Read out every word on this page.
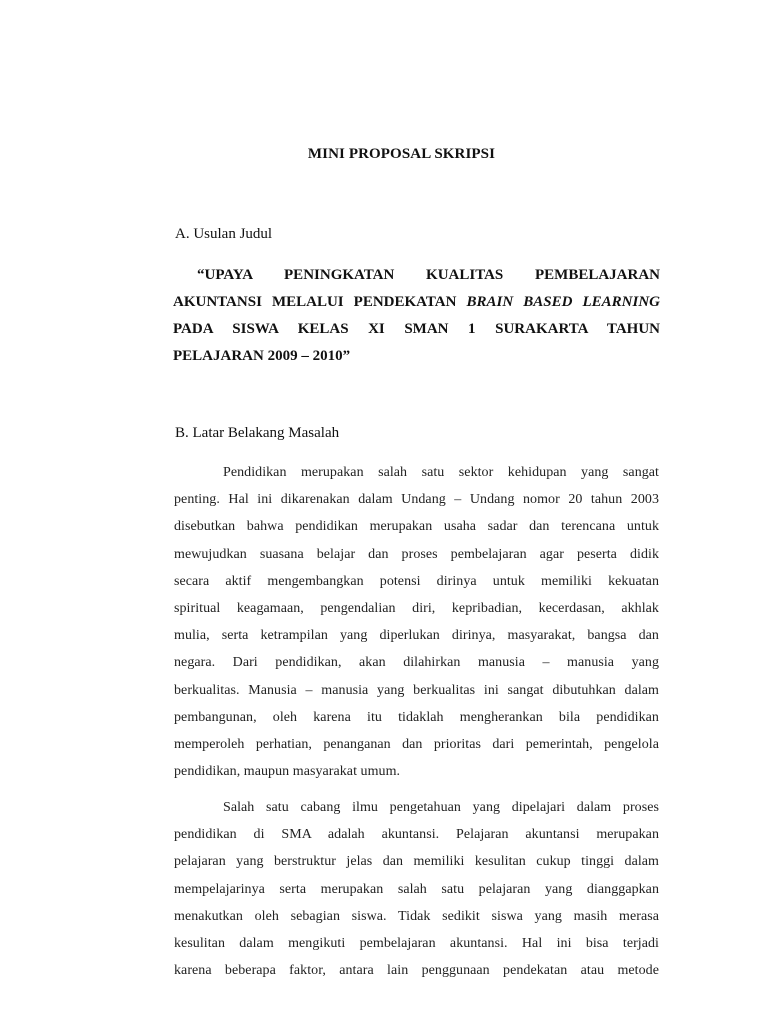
MINI PROPOSAL SKRIPSI
A. Usulan Judul
“UPAYA PENINGKATAN KUALITAS PEMBELAJARAN
AKUNTANSI MELALUI PENDEKATAN BRAIN BASED LEARNING
PADA SISWA KELAS XI SMAN 1 SURAKARTA TAHUN
PELAJARAN 2009 – 2010”
B. Latar Belakang Masalah
Pendidikan merupakan salah satu sektor kehidupan yang sangat
penting. Hal ini dikarenakan dalam Undang – Undang nomor 20 tahun 2003
disebutkan bahwa pendidikan merupakan usaha sadar dan terencana untuk
mewujudkan suasana belajar dan proses pembelajaran agar peserta didik
secara aktif mengembangkan potensi dirinya untuk memiliki kekuatan
spiritual keagamaan, pengendalian diri, kepribadian, kecerdasan, akhlak
mulia, serta ketrampilan yang diperlukan dirinya, masyarakat, bangsa dan
negara. Dari pendidikan, akan dilahirkan manusia – manusia yang
berkualitas. Manusia – manusia yang berkualitas ini sangat dibutuhkan dalam
pembangunan, oleh karena itu tidaklah mengherankan bila pendidikan
memperoleh perhatian, penanganan dan prioritas dari pemerintah, pengelola
pendidikan, maupun masyarakat umum.
Salah satu cabang ilmu pengetahuan yang dipelajari dalam proses
pendidikan di SMA adalah akuntansi. Pelajaran akuntansi merupakan
pelajaran yang berstruktur jelas dan memiliki kesulitan cukup tinggi dalam
mempelajarinya serta merupakan salah satu pelajaran yang dianggapkan
menakutkan oleh sebagian siswa. Tidak sedikit siswa yang masih merasa
kesulitan dalam mengikuti pembelajaran akuntansi. Hal ini bisa terjadi
karena beberapa faktor, antara lain penggunaan pendekatan atau metode
